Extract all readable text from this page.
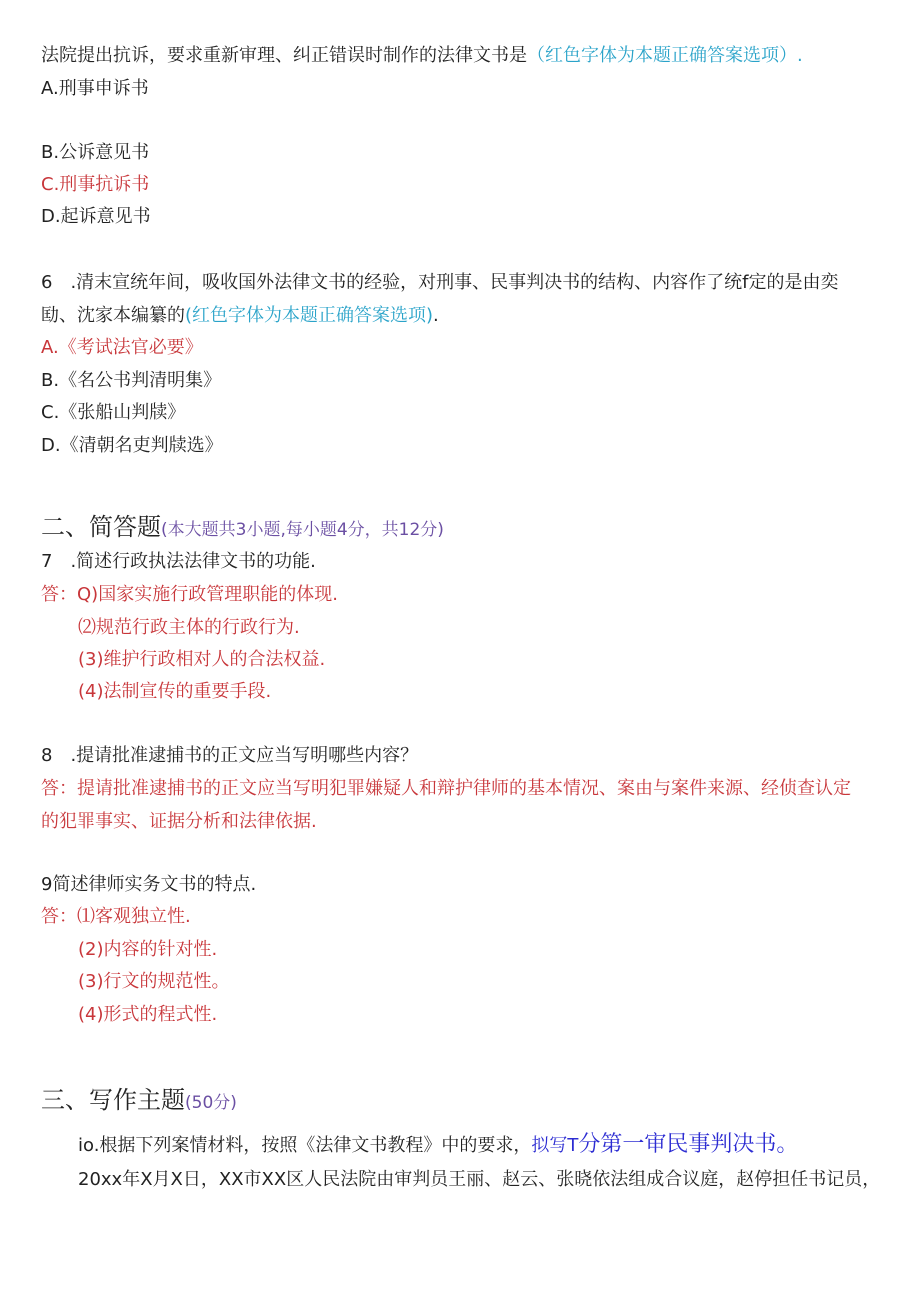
法院提出抗诉，要求重新审理、纠正错误时制作的法律文书是（红色字体为本题正确答案选项）.
A.刑事申诉书
B.公诉意见书
C.刑事抗诉书
D.起诉意见书
6　.清末宣统年间，吸收国外法律文书的经验，对刑事、民事判决书的结构、内容作了统f定的是由奕
劻、沈家本编纂的(红色字体为本题正确答案选项).
A.《考试法官必要》
B.《名公书判清明集》
C.《张船山判牍》
D.《清朝名吏判牍选》
二、简答题(本大题共3小题,每小题4分，共12分)
7　.简述行政执法法律文书的功能.
答：Q)国家实施行政管理职能的体现.
⑵规范行政主体的行政行为.
(3)维护行政相对人的合法权益.
(4)法制宣传的重要手段.
8　.提请批准逮捕书的正文应当写明哪些内容？
答：提请批准逮捕书的正文应当写明犯罪嫌疑人和辩护律师的基本情况、案由与案件来源、经侦查认定
的犯罪事实、证据分析和法律依据.
9简述律师实务文书的特点.
答：⑴客观独立性.
(2)内容的针对性.
(3)行文的规范性。
(4)形式的程式性.
三、写作主题(50分)
io.根据下列案情材料，按照《法律文书教程》中的要求，拟写T分第一审民事判决书。
20xx年X月X日，XX市XX区人民法院由审判员王丽、赵云、张晓依法组成合议庭，赵停担任书记员，
